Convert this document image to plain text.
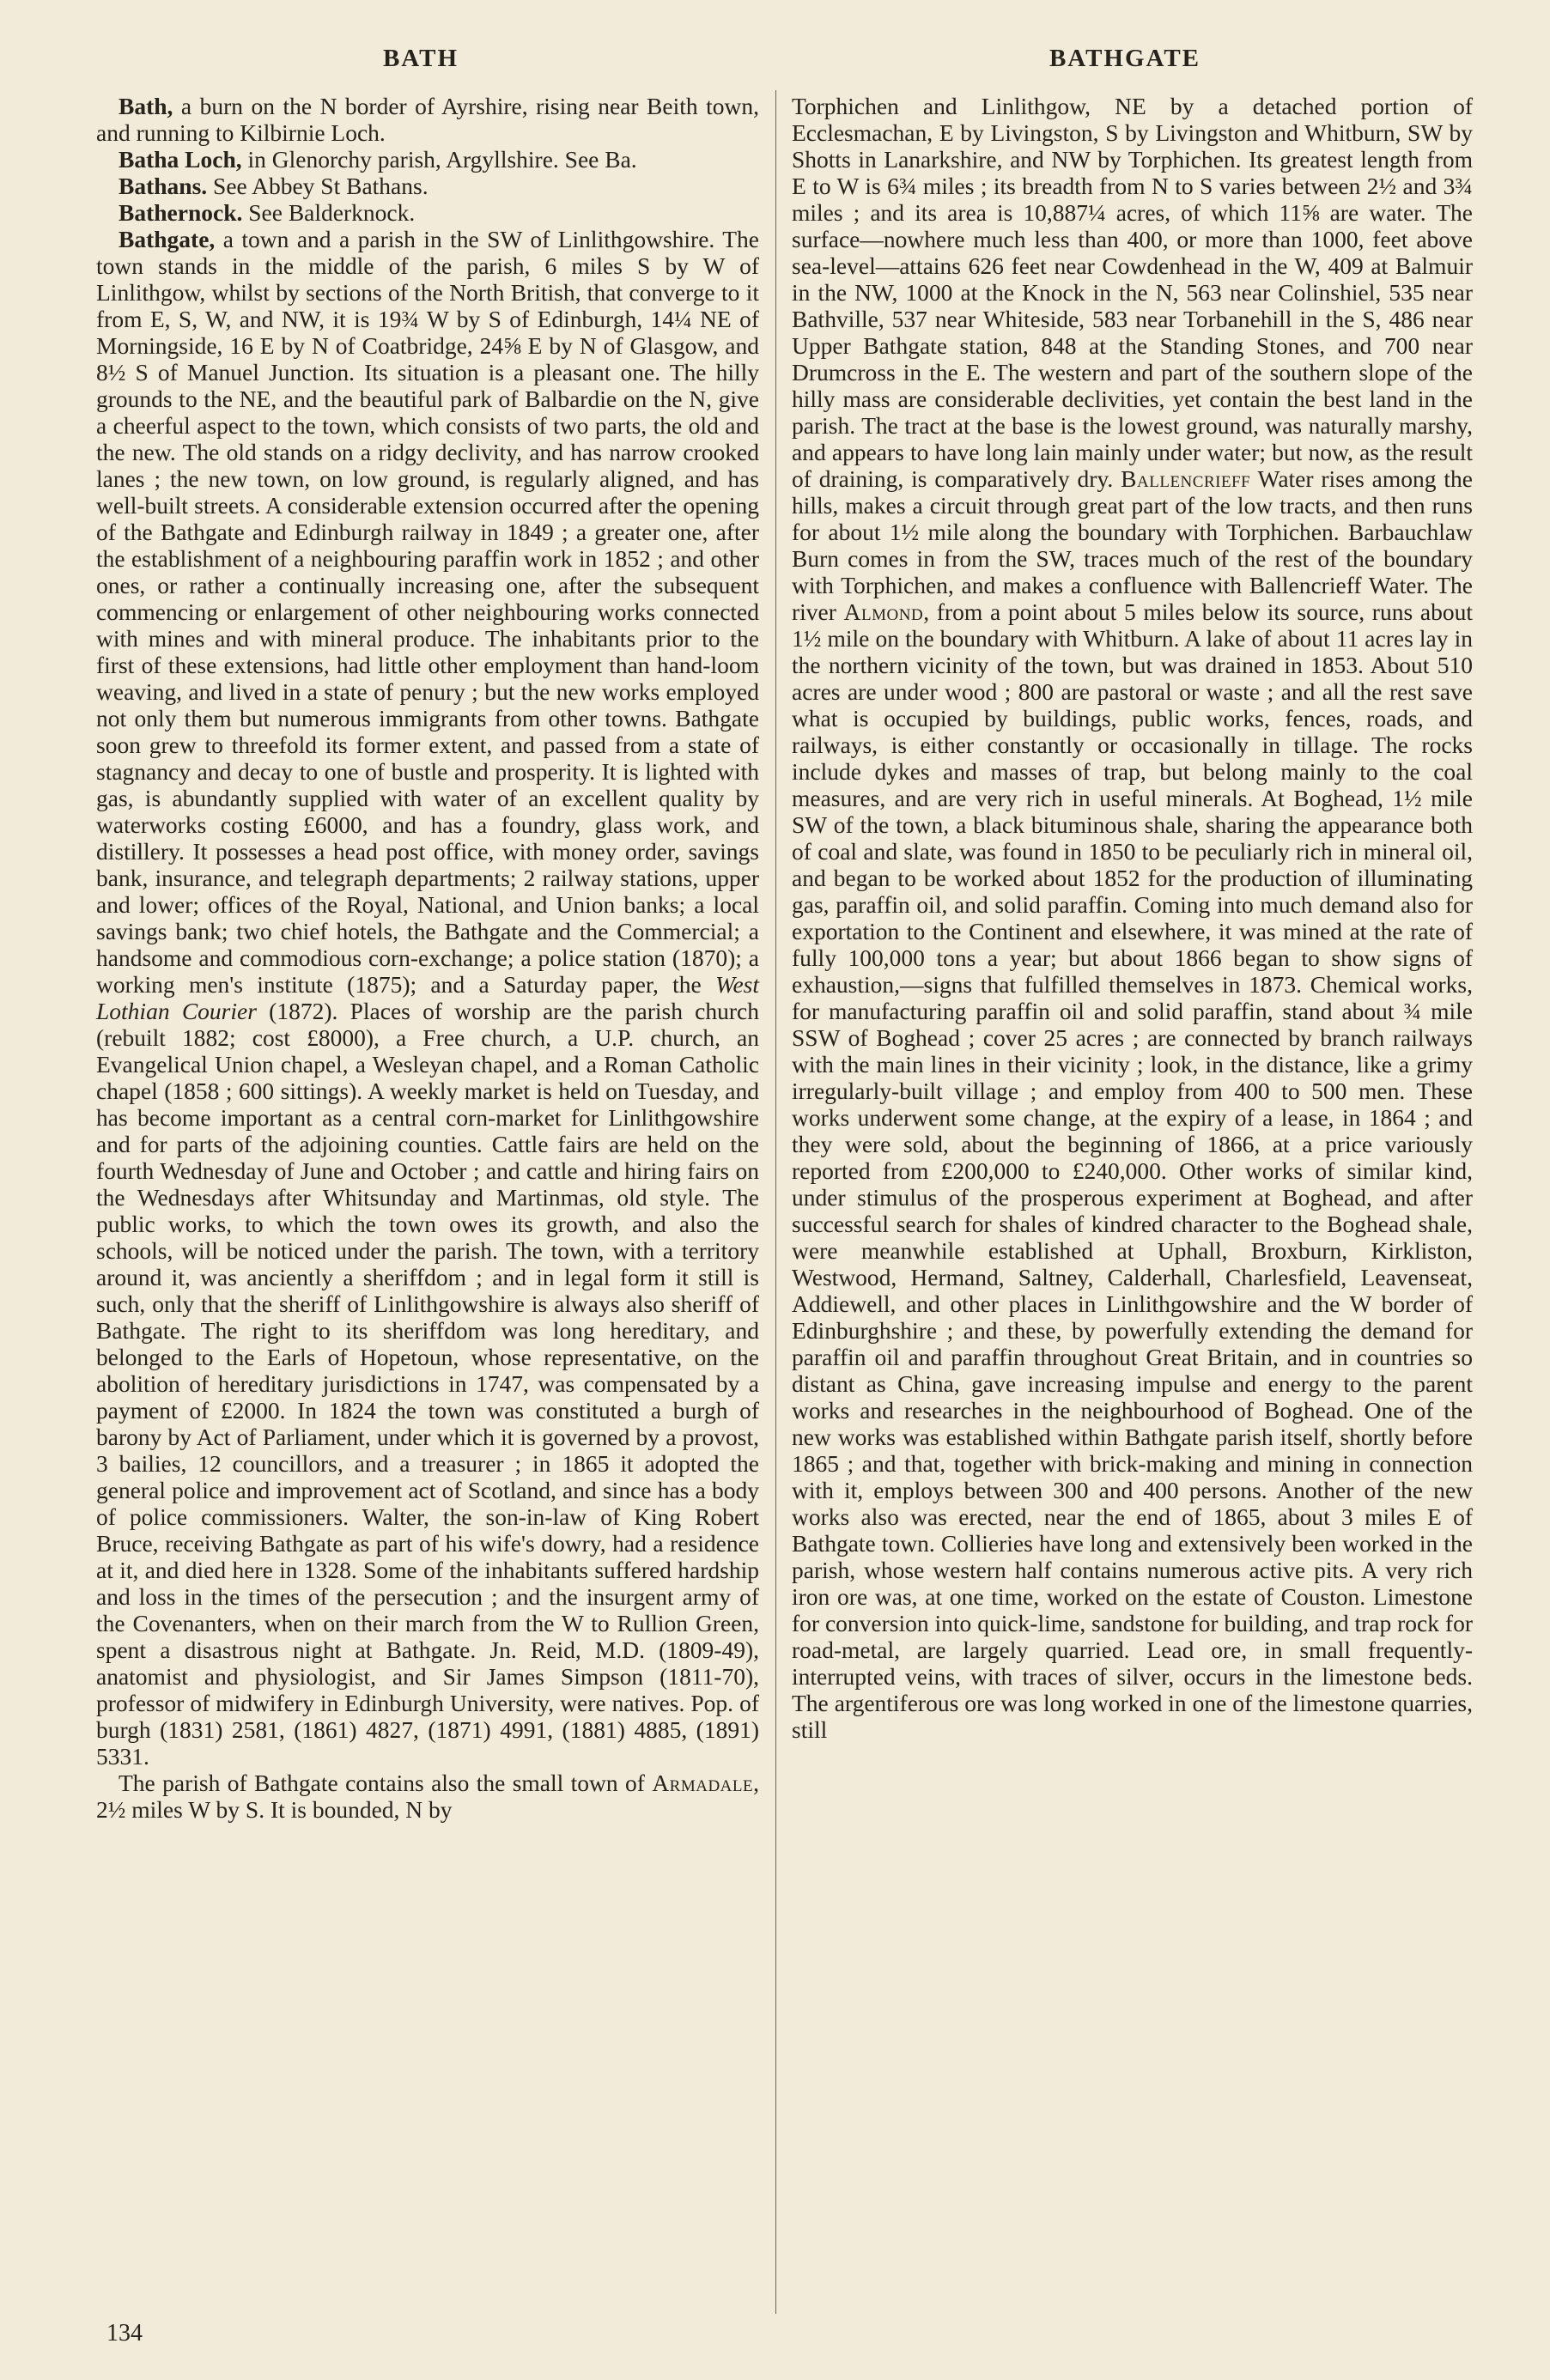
BATH	BATHGATE

Bath, a burn on the N border of Ayrshire, rising near Beith town, and running to Kilbirnie Loch.

Batha Loch, in Glenorchy parish, Argyllshire. See Ba.

Bathans. See Abbey St Bathans.

Bathernock. See Balderknock.

Bathgate, a town and a parish in the SW of Linlithgowshire. The town stands in the middle of the parish, 6 miles S by W of Linlithgow, whilst by sections of the North British, that converge to it from E, S, W, and NW, it is 19¾ W by S of Edinburgh, 14¼ NE of Morningside, 16 E by N of Coatbridge, 24⅝ E by N of Glasgow, and 8½ S of Manuel Junction. Its situation is a pleasant one. The hilly grounds to the NE, and the beautiful park of Balbardie on the N, give a cheerful aspect to the town, which consists of two parts, the old and the new. The old stands on a ridgy declivity, and has narrow crooked lanes ; the new town, on low ground, is regularly aligned, and has well-built streets. A considerable extension occurred after the opening of the Bathgate and Edinburgh railway in 1849 ; a greater one, after the establishment of a neighbouring paraffin work in 1852 ; and other ones, or rather a continually increasing one, after the subsequent commencing or enlargement of other neighbouring works connected with mines and with mineral produce. The inhabitants prior to the first of these extensions, had little other employment than hand-loom weaving, and lived in a state of penury ; but the new works employed not only them but numerous immigrants from other towns. Bathgate soon grew to threefold its former extent, and passed from a state of stagnancy and decay to one of bustle and prosperity. It is lighted with gas, is abundantly supplied with water of an excellent quality by waterworks costing £6000, and has a foundry, glass work, and distillery. It possesses a head post office, with money order, savings bank, insurance, and telegraph departments; 2 railway stations, upper and lower; offices of the Royal, National, and Union banks; a local savings bank; two chief hotels, the Bathgate and the Commercial; a handsome and commodious corn-exchange; a police station (1870); a working men's institute (1875); and a Saturday paper, the West Lothian Courier (1872). Places of worship are the parish church (rebuilt 1882; cost £8000), a Free church, a U.P. church, an Evangelical Union chapel, a Wesleyan chapel, and a Roman Catholic chapel (1858 ; 600 sittings). A weekly market is held on Tuesday, and has become important as a central corn-market for Linlithgowshire and for parts of the adjoining counties. Cattle fairs are held on the fourth Wednesday of June and October ; and cattle and hiring fairs on the Wednesdays after Whitsunday and Martinmas, old style. The public works, to which the town owes its growth, and also the schools, will be noticed under the parish. The town, with a territory around it, was anciently a sheriffdom ; and in legal form it still is such, only that the sheriff of Linlithgowshire is always also sheriff of Bathgate. The right to its sheriffdom was long hereditary, and belonged to the Earls of Hopetoun, whose representative, on the abolition of hereditary jurisdictions in 1747, was compensated by a payment of £2000. In 1824 the town was constituted a burgh of barony by Act of Parliament, under which it is governed by a provost, 3 bailies, 12 councillors, and a treasurer ; in 1865 it adopted the general police and improvement act of Scotland, and since has a body of police commissioners. Walter, the son-in-law of King Robert Bruce, receiving Bathgate as part of his wife's dowry, had a residence at it, and died here in 1328. Some of the inhabitants suffered hardship and loss in the times of the persecution ; and the insurgent army of the Covenanters, when on their march from the W to Rullion Green, spent a disastrous night at Bathgate. Jn. Reid, M.D. (1809-49), anatomist and physiologist, and Sir James Simpson (1811-70), professor of midwifery in Edinburgh University, were natives. Pop. of burgh (1831) 2581, (1861) 4827, (1871) 4991, (1881) 4885, (1891) 5331.

The parish of Bathgate contains also the small town of Armadale, 2½ miles W by S. It is bounded, N by

Torphichen and Linlithgow, NE by a detached portion of Ecclesmachan, E by Livingston, S by Livingston and Whitburn, SW by Shotts in Lanarkshire, and NW by Torphichen. Its greatest length from E to W is 6¾ miles ; its breadth from N to S varies between 2½ and 3¾ miles ; and its area is 10,887¼ acres, of which 11⅝ are water. The surface—nowhere much less than 400, or more than 1000, feet above sea-level—attains 626 feet near Cowdenhead in the W, 409 at Balmuir in the NW, 1000 at the Knock in the N, 563 near Colinshiel, 535 near Bathville, 537 near Whiteside, 583 near Torbanehill in the S, 486 near Upper Bathgate station, 848 at the Standing Stones, and 700 near Drumcross in the E. The western and part of the southern slope of the hilly mass are considerable declivities, yet contain the best land in the parish. The tract at the base is the lowest ground, was naturally marshy, and appears to have long lain mainly under water; but now, as the result of draining, is comparatively dry. Ballencrieff Water rises among the hills, makes a circuit through great part of the low tracts, and then runs for about 1½ mile along the boundary with Torphichen. Barbauchlaw Burn comes in from the SW, traces much of the rest of the boundary with Torphichen, and makes a confluence with Ballencrieff Water. The river Almond, from a point about 5 miles below its source, runs about 1½ mile on the boundary with Whitburn. A lake of about 11 acres lay in the northern vicinity of the town, but was drained in 1853. About 510 acres are under wood ; 800 are pastoral or waste ; and all the rest save what is occupied by buildings, public works, fences, roads, and railways, is either constantly or occasionally in tillage. The rocks include dykes and masses of trap, but belong mainly to the coal measures, and are very rich in useful minerals. At Boghead, 1½ mile SW of the town, a black bituminous shale, sharing the appearance both of coal and slate, was found in 1850 to be peculiarly rich in mineral oil, and began to be worked about 1852 for the production of illuminating gas, paraffin oil, and solid paraffin. Coming into much demand also for exportation to the Continent and elsewhere, it was mined at the rate of fully 100,000 tons a year; but about 1866 began to show signs of exhaustion,—signs that fulfilled themselves in 1873. Chemical works, for manufacturing paraffin oil and solid paraffin, stand about ¾ mile SSW of Boghead ; cover 25 acres ; are connected by branch railways with the main lines in their vicinity ; look, in the distance, like a grimy irregularly-built village ; and employ from 400 to 500 men. These works underwent some change, at the expiry of a lease, in 1864 ; and they were sold, about the beginning of 1866, at a price variously reported from £200,000 to £240,000. Other works of similar kind, under stimulus of the prosperous experiment at Boghead, and after successful search for shales of kindred character to the Boghead shale, were meanwhile established at Uphall, Broxburn, Kirkliston, Westwood, Hermand, Saltney, Calderhall, Charlesfield, Leavenseat, Addiewell, and other places in Linlithgowshire and the W border of Edinburghshire ; and these, by powerfully extending the demand for paraffin oil and paraffin throughout Great Britain, and in countries so distant as China, gave increasing impulse and energy to the parent works and researches in the neighbourhood of Boghead. One of the new works was established within Bathgate parish itself, shortly before 1865 ; and that, together with brick-making and mining in connection with it, employs between 300 and 400 persons. Another of the new works also was erected, near the end of 1865, about 3 miles E of Bathgate town. Collieries have long and extensively been worked in the parish, whose western half contains numerous active pits. A very rich iron ore was, at one time, worked on the estate of Couston. Limestone for conversion into quick-lime, sandstone for building, and trap rock for road-metal, are largely quarried. Lead ore, in small frequently-interrupted veins, with traces of silver, occurs in the limestone beds. The argentiferous ore was long worked in one of the limestone quarries, still

134
